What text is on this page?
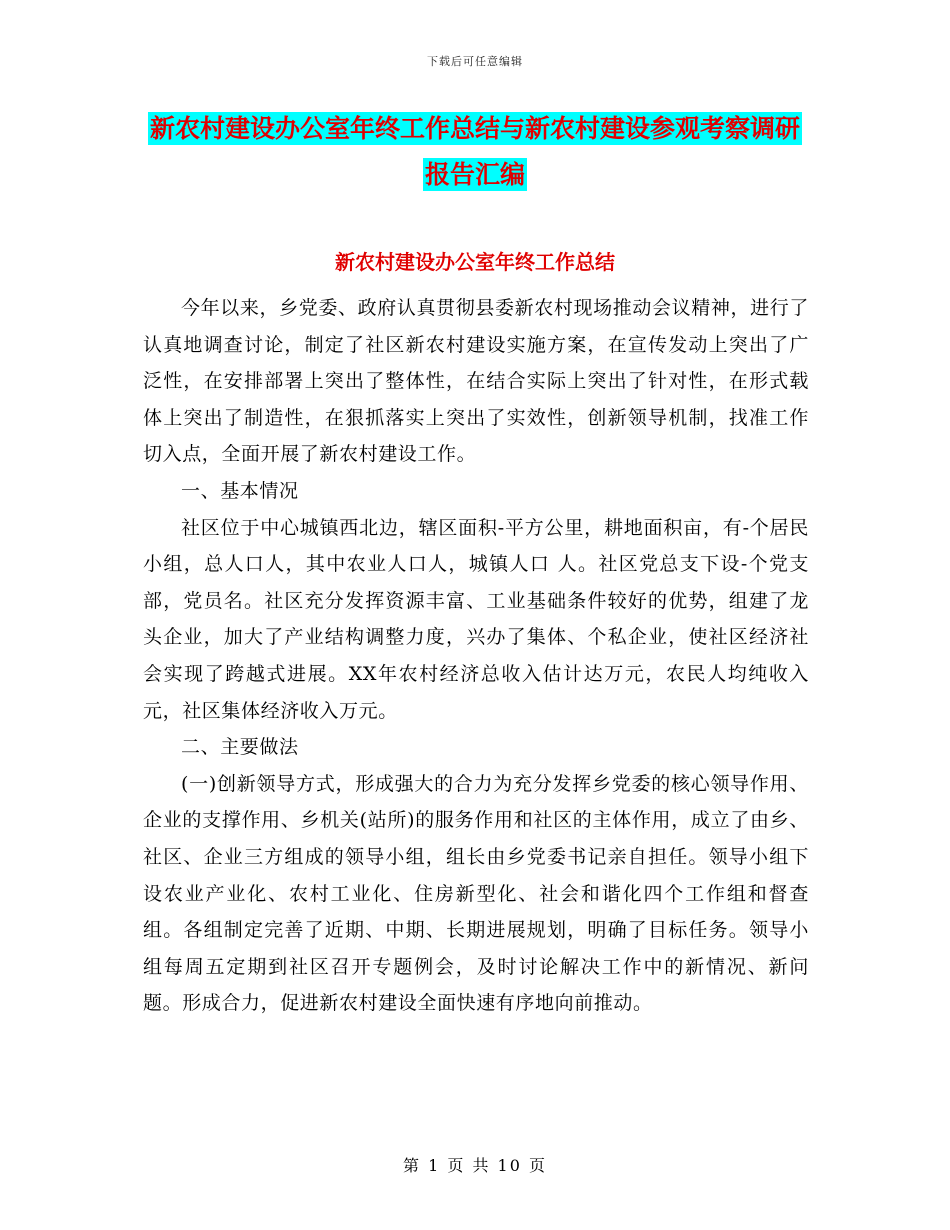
下载后可任意编辑
新农村建设办公室年终工作总结与新农村建设参观考察调研报告汇编
新农村建设办公室年终工作总结

今年以来，乡党委、政府认真贯彻县委新农村现场推动会议精神，进行了认真地调查讨论，制定了社区新农村建设实施方案，在宣传发动上突出了广泛性，在安排部署上突出了整体性，在结合实际上突出了针对性，在形式载体上突出了制造性，在狠抓落实上突出了实效性，创新领导机制，找准工作切入点，全面开展了新农村建设工作。

一、基本情况

社区位于中心城镇西北边，辖区面积-平方公里，耕地面积亩，有-个居民小组，总人口人，其中农业人口人，城镇人口 人。社区党总支下设-个党支部，党员名。社区充分发挥资源丰富、工业基础条件较好的优势，组建了龙头企业，加大了产业结构调整力度，兴办了集体、个私企业，使社区经济社会实现了跨越式进展。XX年农村经济总收入估计达万元，农民人均纯收入元，社区集体经济收入万元。

二、主要做法

(一)创新领导方式，形成强大的合力为充分发挥乡党委的核心领导作用、企业的支撑作用、乡机关(站所)的服务作用和社区的主体作用，成立了由乡、社区、企业三方组成的领导小组，组长由乡党委书记亲自担任。领导小组下设农业产业化、农村工业化、住房新型化、社会和谐化四个工作组和督查组。各组制定完善了近期、中期、长期进展规划，明确了目标任务。领导小组每周五定期到社区召开专题例会，及时讨论解决工作中的新情况、新问题。形成合力，促进新农村建设全面快速有序地向前推动。

第 1 页 共 10 页
